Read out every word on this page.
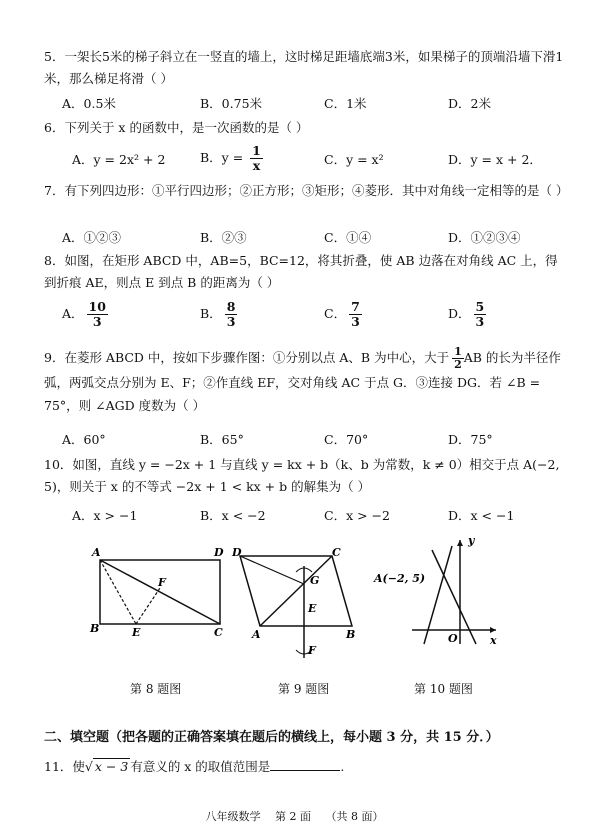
5．一架长5米的梯子斜立在一竖直的墙上，这时梯足距墙底端3米，如果梯子的顶端沿墙下滑1米，那么梯足将滑（ ）
A．0.5米	B．0.75米	C．1米	D．2米
6．下列关于 x 的函数中，是一次函数的是（ ）
A．y = 2x² + 2	B．$y = \frac{1}{x}$	C．y = x²	D．y = x + 2．
7．有下列四边形：①平行四边形；②正方形；③矩形；④菱形．其中对角线一定相等的是（ ）
A．①②③	B．②③	C．①④	D．①②③④
8．如图，在矩形 ABCD 中，AB=5，BC=12，将其折叠，使 AB 边落在对角线 AC 上，得到折痕 AE，则点 E 到点 B 的距离为（ ）
A． $\frac{10}{3}$	B． $\frac{8}{3}$	C． $\frac{7}{3}$	D． $\frac{5}{3}$
9．在菱形 ABCD 中，按如下步骤作图：①分别以点 A、B 为中心，大于 $\frac{1}{2}$ AB 的长为半径作弧，两弧交点分别为 E、F；②作直线 EF，交对角线 AC 于点 G．③连接 DG．若 ∠B = 75°，则 ∠AGD 度数为（ ）
A．60°	B．65°	C．70°	D．75°
10．如图，直线 y = −2x + 1 与直线 y = kx + b（k、b 为常数，k ≠ 0）相交于点 A(−2, 5)，则关于 x 的不等式 −2x + 1 < kx + b 的解集为（ ）
A．x > −1	B．x < −2	C．x > −2	D．x < −1
A	D
B	C
E
F
第 8 题图
D	C
A	B
G
E
F
第 9 题图
A(−2, 5)
y
x
O
第 10 题图
二、填空题（把各题的正确答案填在题后的横线上，每小题 3 分，共 15 分．）
11．使√ x − 3 有意义的 x 的取值范围是	.
八年级数学　 第 2 面　 （共 8 面）
